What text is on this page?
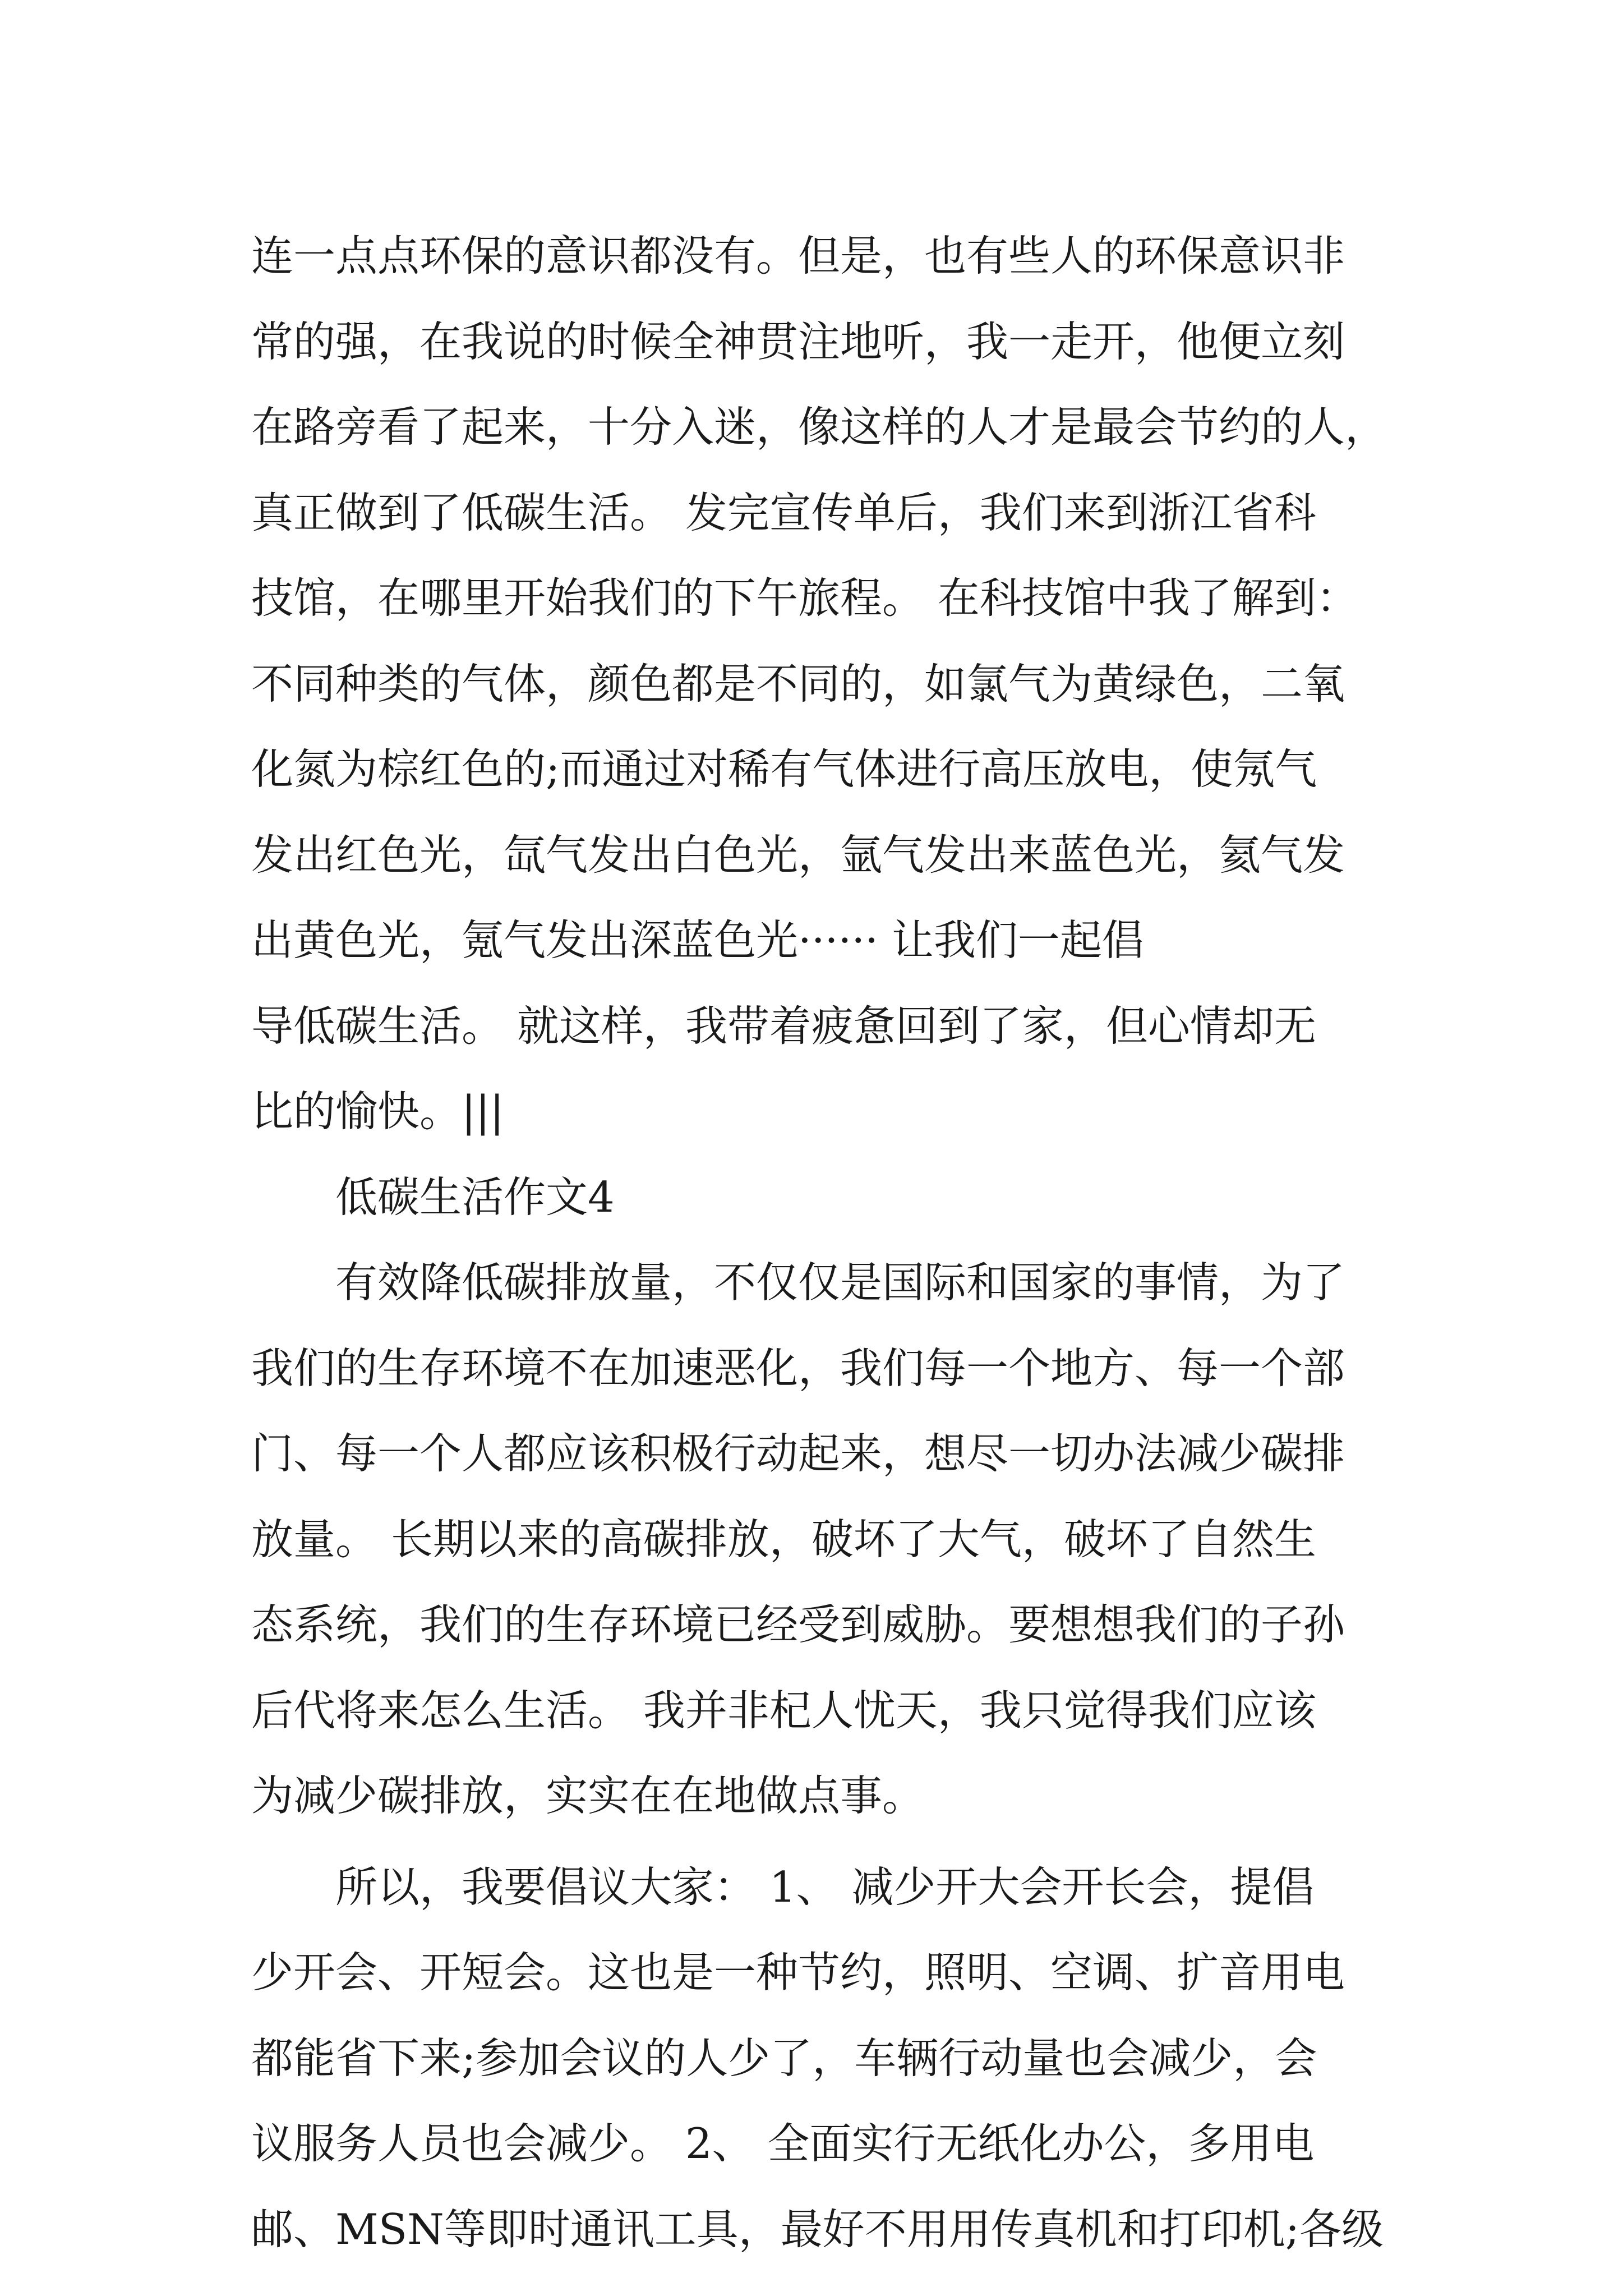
连一点点环保的意识都没有。但是，也有些人的环保意识非
常的强，在我说的时候全神贯注地听，我一走开，他便立刻
在路旁看了起来，十分入迷，像这样的人才是最会节约的人，
真正做到了低碳生活。 发完宣传单后，我们来到浙江省科
技馆，在哪里开始我们的下午旅程。 在科技馆中我了解到：
不同种类的气体，颜色都是不同的，如氯气为黄绿色，二氧
化氮为棕红色的;而通过对稀有气体进行高压放电，使氖气
发出红色光，氙气发出白色光，氩气发出来蓝色光，氦气发
出黄色光，氪气发出深蓝色光······ 让我们一起倡
导低碳生活。 就这样，我带着疲惫回到了家，但心情却无
比的愉快。|||
低碳生活作文4
有效降低碳排放量，不仅仅是国际和国家的事情，为了
我们的生存环境不在加速恶化，我们每一个地方、每一个部
门、每一个人都应该积极行动起来，想尽一切办法减少碳排
放量。 长期以来的高碳排放，破坏了大气，破坏了自然生
态系统，我们的生存环境已经受到威胁。要想想我们的子孙
后代将来怎么生活。 我并非杞人忧天，我只觉得我们应该
为减少碳排放，实实在在地做点事。
所以，我要倡议大家： 1、 减少开大会开长会，提倡
少开会、开短会。这也是一种节约，照明、空调、扩音用电
都能省下来;参加会议的人少了，车辆行动量也会减少，会
议服务人员也会减少。 2、 全面实行无纸化办公，多用电
邮、MSN等即时通讯工具，最好不用用传真机和打印机;各级
